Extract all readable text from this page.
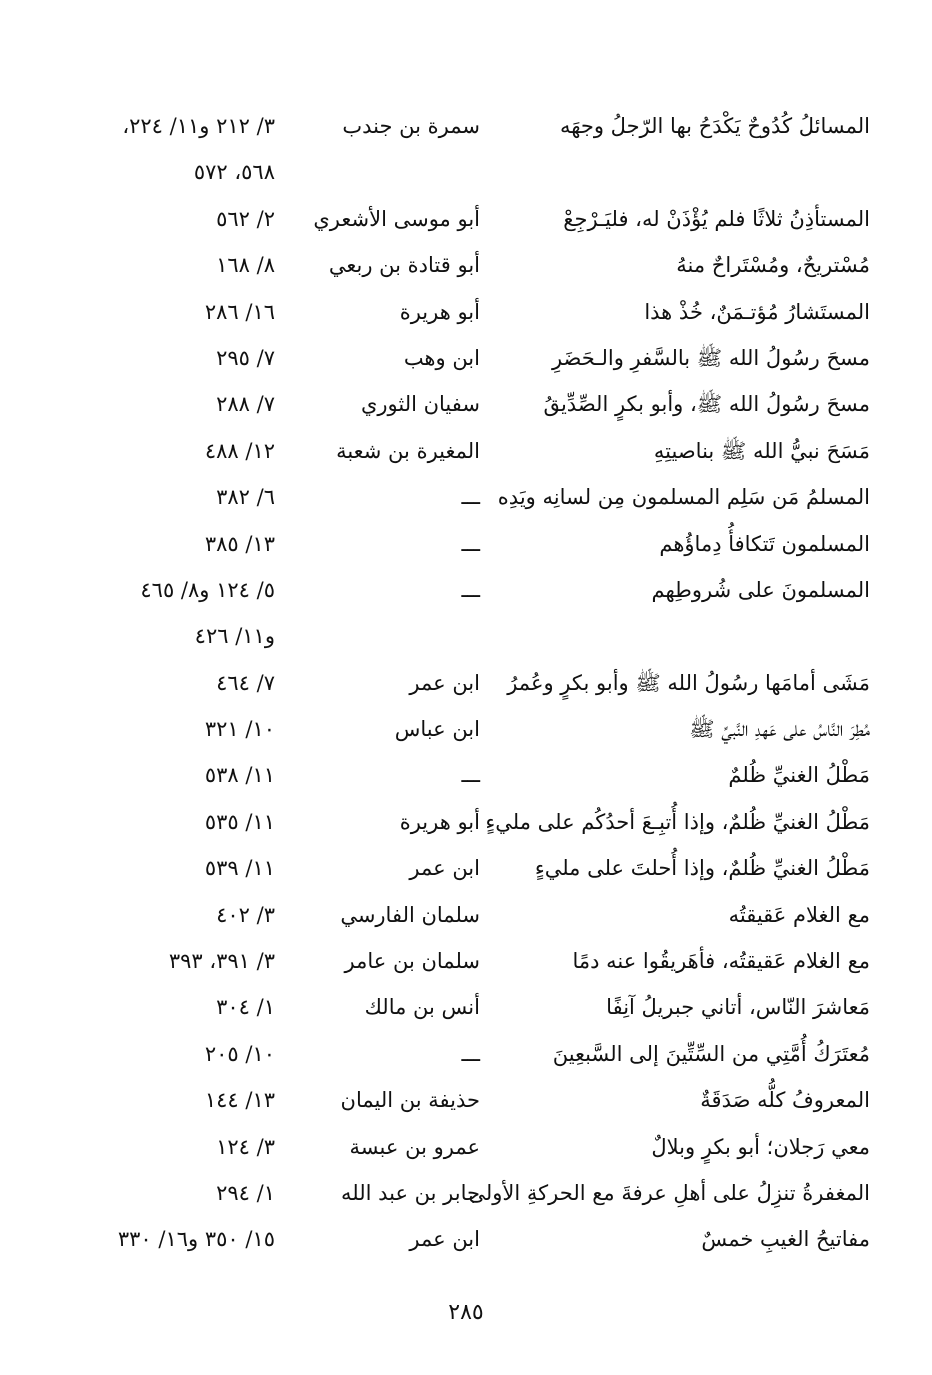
المسائلُ كُدُوحٌ يَكْدَحُ بها الرّجلُ وجهَه
سمرة بن جندب
٣/ ٢١٢ و١١/ ٢٢٤،
٥٦٨، ٥٧٢
المستأذِنُ ثلاثًا فلم يُؤْذَنْ له، فليَـرْجِعْ
أبو موسى الأشعري
٢/ ٥٦٢
مُسْتريحٌ، ومُسْتَراحٌ منهُ
أبو قتادة بن ربعي
٨/ ١٦٨
المستَشارُ مُؤتـمَنٌ، خُذْ هذا
أبو هريرة
١٦/ ٢٨٦
مسحَ رسُولُ الله ﷺ بالسَّفرِ والـحَضَرِ
ابن وهب
٧/ ٢٩٥
مسحَ رسُولُ الله ﷺ، وأبو بكرٍ الصِّدِّيقُ
سفيان الثوري
٧/ ٢٨٨
مَسَحَ نبيُّ الله ﷺ بناصيتِهِ
المغيرة بن شعبة
١٢/ ٤٨٨
المسلمُ مَن سَلِم المسلمون مِن لسانِه ويَدِه
ـــ
٦/ ٣٨٢
المسلمون تَتكافأُ دِماؤُهم
ـــ
١٣/ ٣٨٥
المسلمونَ على شُروطِهم
ـــ
٥/ ١٢٤ و٨/ ٤٦٥
و١١/ ٤٢٦
مَشَى أمامَها رسُولُ الله ﷺ وأبو بكرٍ وعُمرُ
ابن عمر
٧/ ٤٦٤
مُطِرَ النَّاسُ على عَهدِ النَّبيِّ ﷺ
ابن عباس
١٠/ ٣٢١
مَطْلُ الغنيِّ ظُلمٌ
ـــ
١١/ ٥٣٨
مَطْلُ الغنيِّ ظُلمٌ، وإذا أُتبِـعَ أحدُكُم على مليءٍ
أبو هريرة
١١/ ٥٣٥
مَطْلُ الغنيِّ ظُلمٌ، وإذا أُحلتَ على مليءٍ
ابن عمر
١١/ ٥٣٩
مع الغلام عَقيقتُه
سلمان الفارسي
٣/ ٤٠٢
مع الغلام عَقيقتُه، فأهَريقُوا عنه دمًا
سلمان بن عامر
٣/ ٣٩١، ٣٩٣
مَعاشرَ النّاس، أتاني جبريلُ آنِفًا
أنس بن مالك
١/ ٣٠٤
مُعتَرَكُ أُمَّتِي من السِّتِّينَ إلى السَّبعِينَ
ـــ
١٠/ ٢٠٥
المعروفُ كلُّه صَدَقَةٌ
حذيفة بن اليمان
١٣/ ١٤٤
معي رَجلان؛ أبو بكرٍ وبلالٌ
عمرو بن عبسة
٣/ ١٢٤
المغفرةُ تنزِلُ على أهلِ عرفةَ مع الحركةِ الأولى
جابر بن عبد الله
١/ ٢٩٤
مفاتيحُ الغيبِ خمسٌ
ابن عمر
١٥/ ٣٥٠ و١٦/ ٣٣٠
٢٨٥
